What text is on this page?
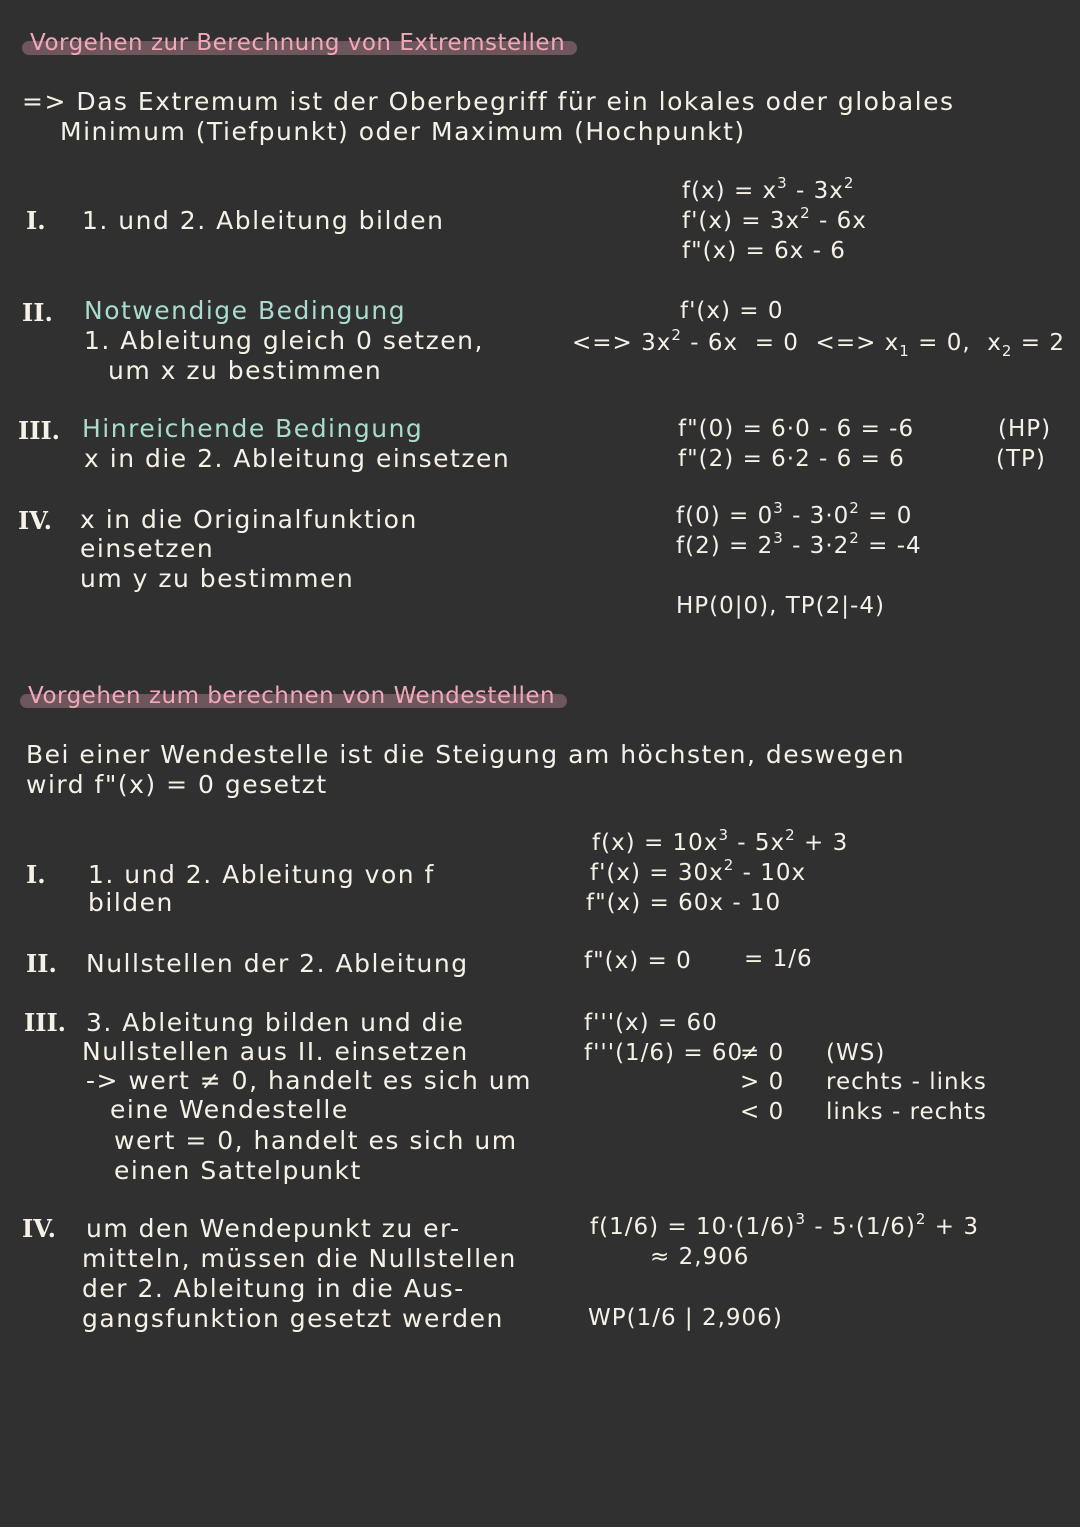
Vorgehen zur Berechnung von Extremstellen
=> Das Extremum ist der Oberbegriff für ein lokales oder globales
Minimum (Tiefpunkt) oder Maximum (Hochpunkt)
I. 1. und 2. Ableitung bilden
$f(x) = x^3 - 3x^2$
$f'(x) = 3x^2 - 6x$
f"(x) = 6x - 6
II. Notwendige Bedingung
1. Ableitung gleich 0 setzen,
um x zu bestimmen
f'(x) = 0
<=> $3x^2 - 6x = 0$  <=> $x_1 = 0$,  $x_2 = 2$
III. Hinreichende Bedingung
x in die 2. Ableitung einsetzen
f"(0) = 6·0 - 6 = -6
f"(2) = 6·2 - 6 = 6
(HP)
(TP)
IV. x in die Originalfunktion
einsetzen
um y zu bestimmen
$f(0) = 0^3 - 3\cdot 0^2 = 0$
$f(2) = 2^3 - 3\cdot 2^2 = -4$
HP(0|0), TP(2|-4)
Vorgehen zum berechnen von Wendestellen
Bei einer Wendestelle ist die Steigung am höchsten, deswegen
wird f"(x) = 0 gesetzt
I. 1. und 2. Ableitung von f
bilden
$f(x) = 10x^3 - 5x^2 + 3$
$f'(x) = 30x^2 - 10x$
f"(x) = 60x - 10
II. Nullstellen der 2. Ableitung	f"(x) = 0 = 1/6
III. 3. Ableitung bilden und die
Nullstellen aus II. einsetzen
-> wert ≠ 0, handelt es sich um
eine Wendestelle
wert = 0, handelt es sich um
einen Sattelpunkt
f'''(x) = 60
f'''(1/6) = 60
≠ 0
> 0
< 0
(WS)
rechts - links
links - rechts
IV. um den Wendepunkt zu er-
mitteln, müssen die Nullstellen
der 2. Ableitung in die Aus-
gangsfunktion gesetzt werden
$f(1/6) = 10\cdot(1/6)^3 - 5\cdot(1/6)^2 + 3$
≈ 2,906
WP(1/6 | 2,906)
